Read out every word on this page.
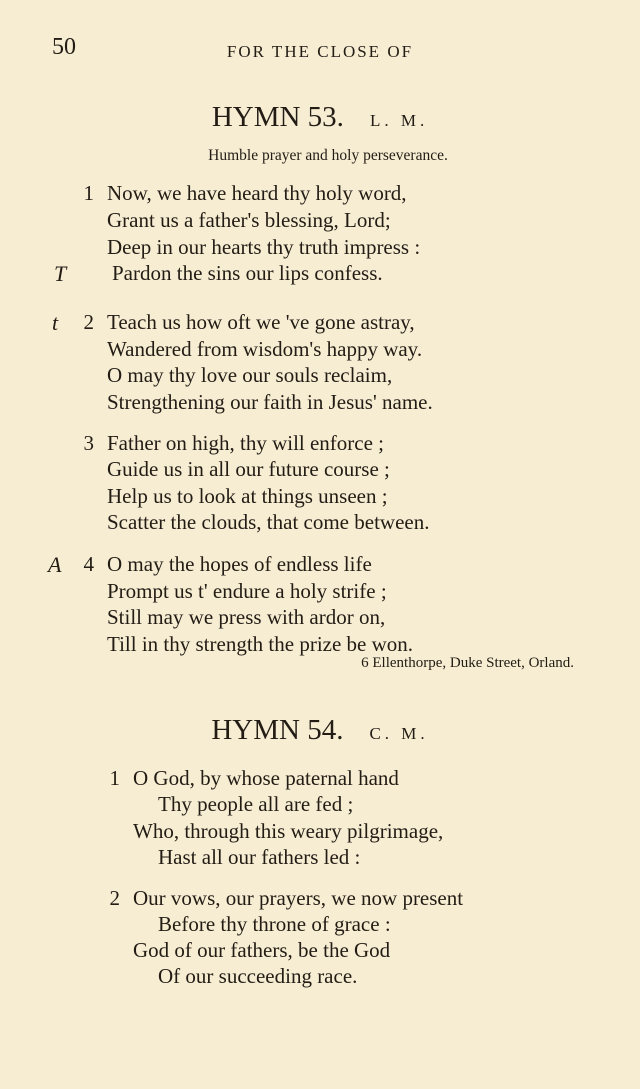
50	FOR THE CLOSE OF
HYMN 53. L. M.
Humble prayer and holy perseverance.
1 Now, we have heard thy holy word,
Grant us a father's blessing, Lord;
Deep in our hearts thy truth impress :
T Pardon the sins our lips confess.
t	2 Teach us how oft we 've gone astray,
Wandered from wisdom's happy way.
O may thy love our souls reclaim,
Strengthening our faith in Jesus' name.
3 Father on high, thy will enforce ;
Guide us in all our future course ;
Help us to look at things unseen ;
Scatter the clouds, that come between.
A	4 O may the hopes of endless life
Prompt us t' endure a holy strife ;
Still may we press with ardor on,
Till in thy strength the prize be won.
6 Ellenthorpe, Duke Street, Orland.
HYMN 54. C. M.
1 O God, by whose paternal hand
Thy people all are fed ;
Who, through this weary pilgrimage,
Hast all our fathers led :
2 Our vows, our prayers, we now present
Before thy throne of grace :
God of our fathers, be the God
Of our succeeding race.
